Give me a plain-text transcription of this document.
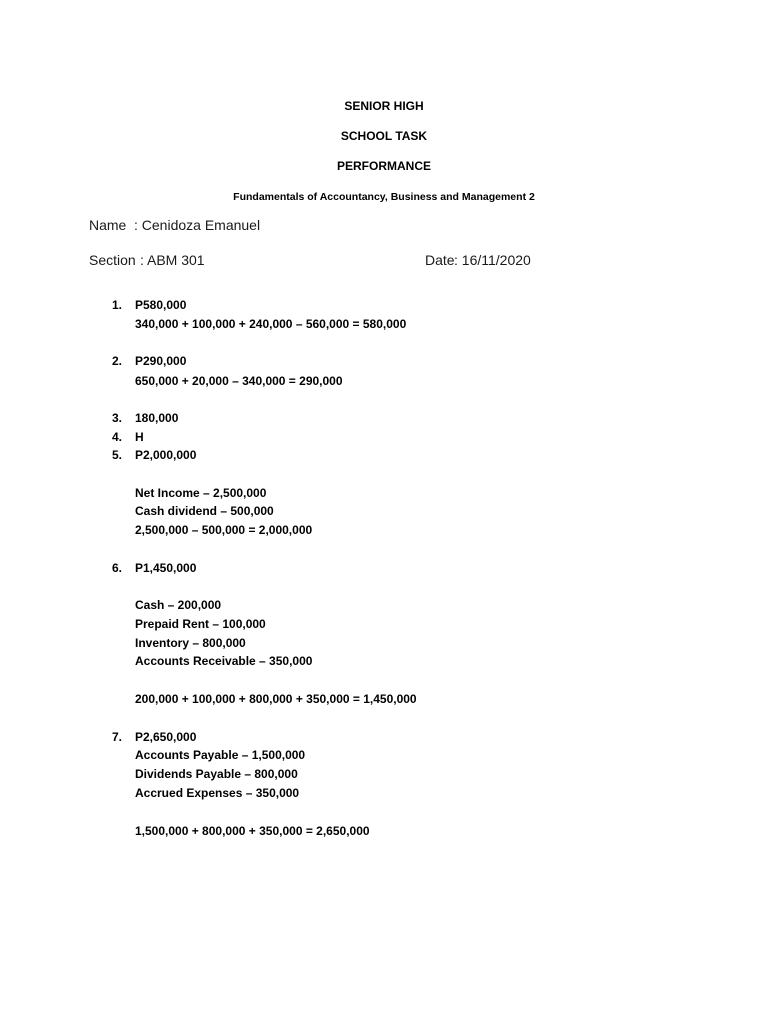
SENIOR HIGH
SCHOOL TASK
PERFORMANCE
Fundamentals of Accountancy, Business and Management 2
Name : Cenidoza Emanuel
Section : ABM 301	Date : 16/11/2020
1. P580,000
340,000 + 100,000 + 240,000 – 560,000 = 580,000
2. P290,000
650,000 + 20,000 – 340,000 = 290,000
3. 180,000
4. H
5. P2,000,000
Net Income – 2,500,000
Cash dividend – 500,000
2,500,000 – 500,000 = 2,000,000
6. P1,450,000
Cash – 200,000
Prepaid Rent – 100,000
Inventory – 800,000
Accounts Receivable – 350,000
200,000 + 100,000 + 800,000 + 350,000 = 1,450,000
7. P2,650,000
Accounts Payable – 1,500,000
Dividends Payable – 800,000
Accrued Expenses – 350,000
1,500,000 + 800,000 + 350,000 = 2,650,000
